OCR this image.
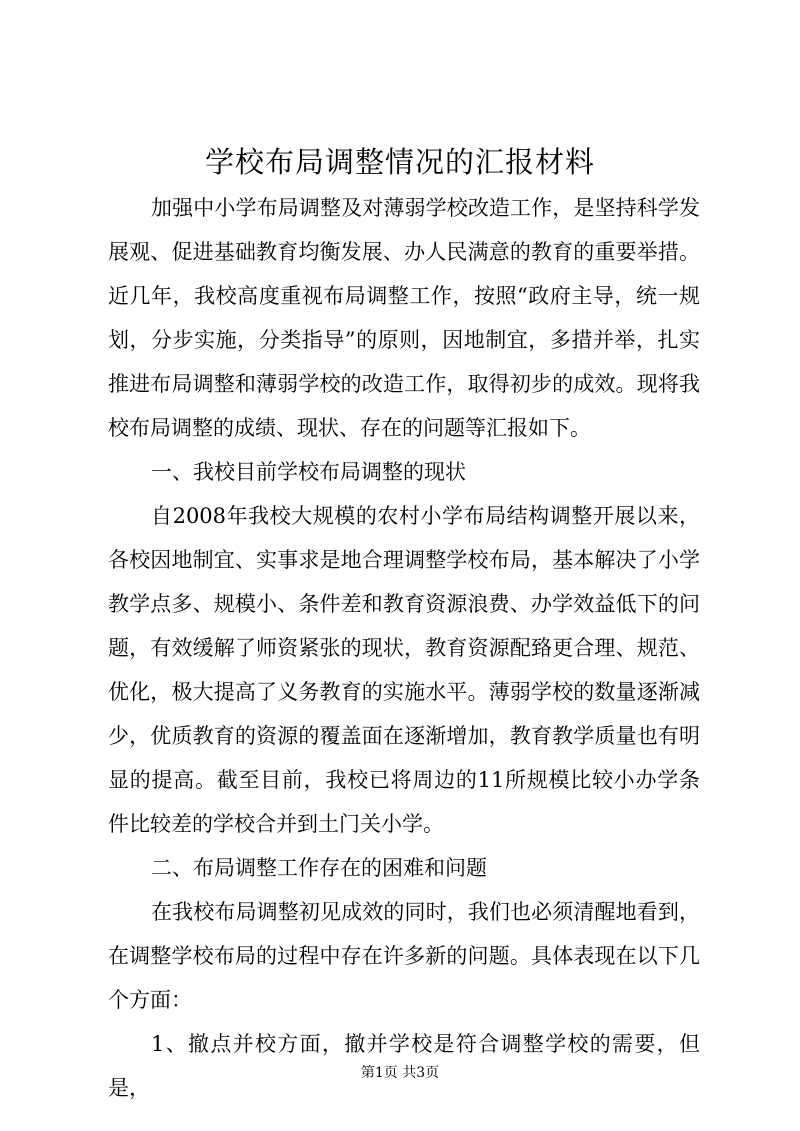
学校布局调整情况的汇报材料

加强中小学布局调整及对薄弱学校改造工作，是坚持科学发展观、促进基础教育均衡发展、办人民满意的教育的重要举措。近几年，我校高度重视布局调整工作，按照“政府主导，统一规划，分步实施，分类指导”的原则，因地制宜，多措并举，扎实推进布局调整和薄弱学校的改造工作，取得初步的成效。现将我校布局调整的成绩、现状、存在的问题等汇报如下。

一、我校目前学校布局调整的现状

自2008年我校大规模的农村小学布局结构调整开展以来，各校因地制宜、实事求是地合理调整学校布局，基本解决了小学教学点多、规模小、条件差和教育资源浪费、办学效益低下的问题，有效缓解了师资紧张的现状，教育资源配臵更合理、规范、优化，极大提高了义务教育的实施水平。薄弱学校的数量逐渐减少，优质教育的资源的覆盖面在逐渐增加，教育教学质量也有明显的提高。截至目前，我校已将周边的11所规模比较小办学条件比较差的学校合并到土门关小学。

二、布局调整工作存在的困难和问题

在我校布局调整初见成效的同时，我们也必须清醒地看到，在调整学校布局的过程中存在许多新的问题。具体表现在以下几个方面：

1、撤点并校方面，撤并学校是符合调整学校的需要，但是，

第1页 共3页
